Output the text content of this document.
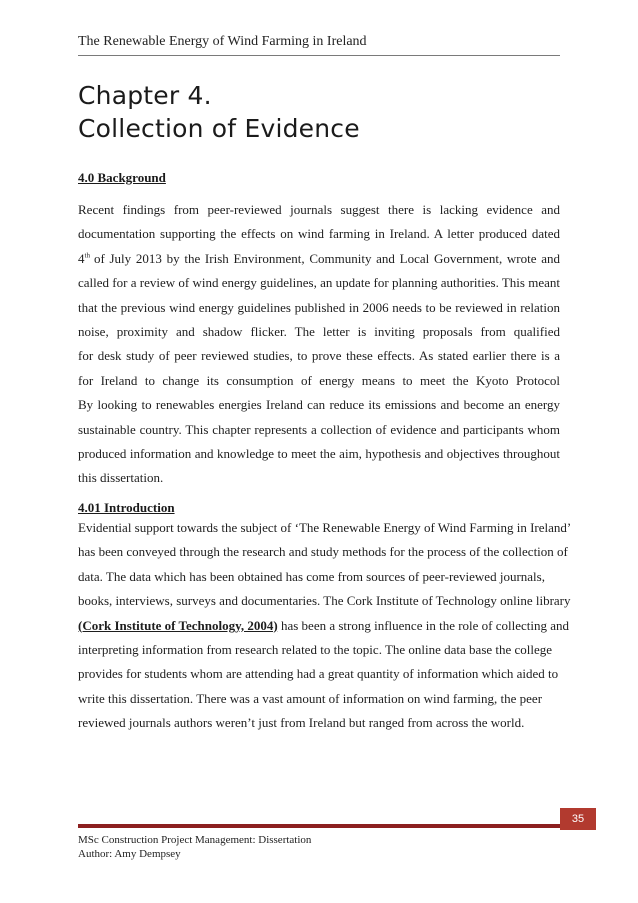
The Renewable Energy of Wind Farming in Ireland
Chapter 4.
Collection of Evidence
4.0 Background
Recent findings from peer-reviewed journals suggest there is lacking evidence and
documentation supporting the effects on wind farming in Ireland. A letter produced dated
4th of July 2013 by the Irish Environment, Community and Local Government, wrote and
called for a review of wind energy guidelines, an update for planning authorities. This meant
that the previous wind energy guidelines published in 2006 needs to be reviewed in relation
noise, proximity and shadow flicker. The letter is inviting proposals from qualified
for desk study of peer reviewed studies, to prove these effects. As stated earlier there is a
for Ireland to change its consumption of energy means to meet the Kyoto Protocol
By looking to renewables energies Ireland can reduce its emissions and become an energy
sustainable country. This chapter represents a collection of evidence and participants whom
produced information and knowledge to meet the aim, hypothesis and objectives throughout
this dissertation.
4.01 Introduction
Evidential support towards the subject of ‘The Renewable Energy of Wind Farming in Ireland’
has been conveyed through the research and study methods for the process of the collection of
data. The data which has been obtained has come from sources of peer-reviewed journals,
books, interviews, surveys and documentaries. The Cork Institute of Technology online library
(Cork Institute of Technology, 2004) has been a strong influence in the role of collecting and
interpreting information from research related to the topic. The online data base the college
provides for students whom are attending had a great quantity of information which aided to
write this dissertation. There was a vast amount of information on wind farming, the peer
reviewed journals authors weren’t just from Ireland but ranged from across the world.
35
MSc Construction Project Management: Dissertation
Author: Amy Dempsey
